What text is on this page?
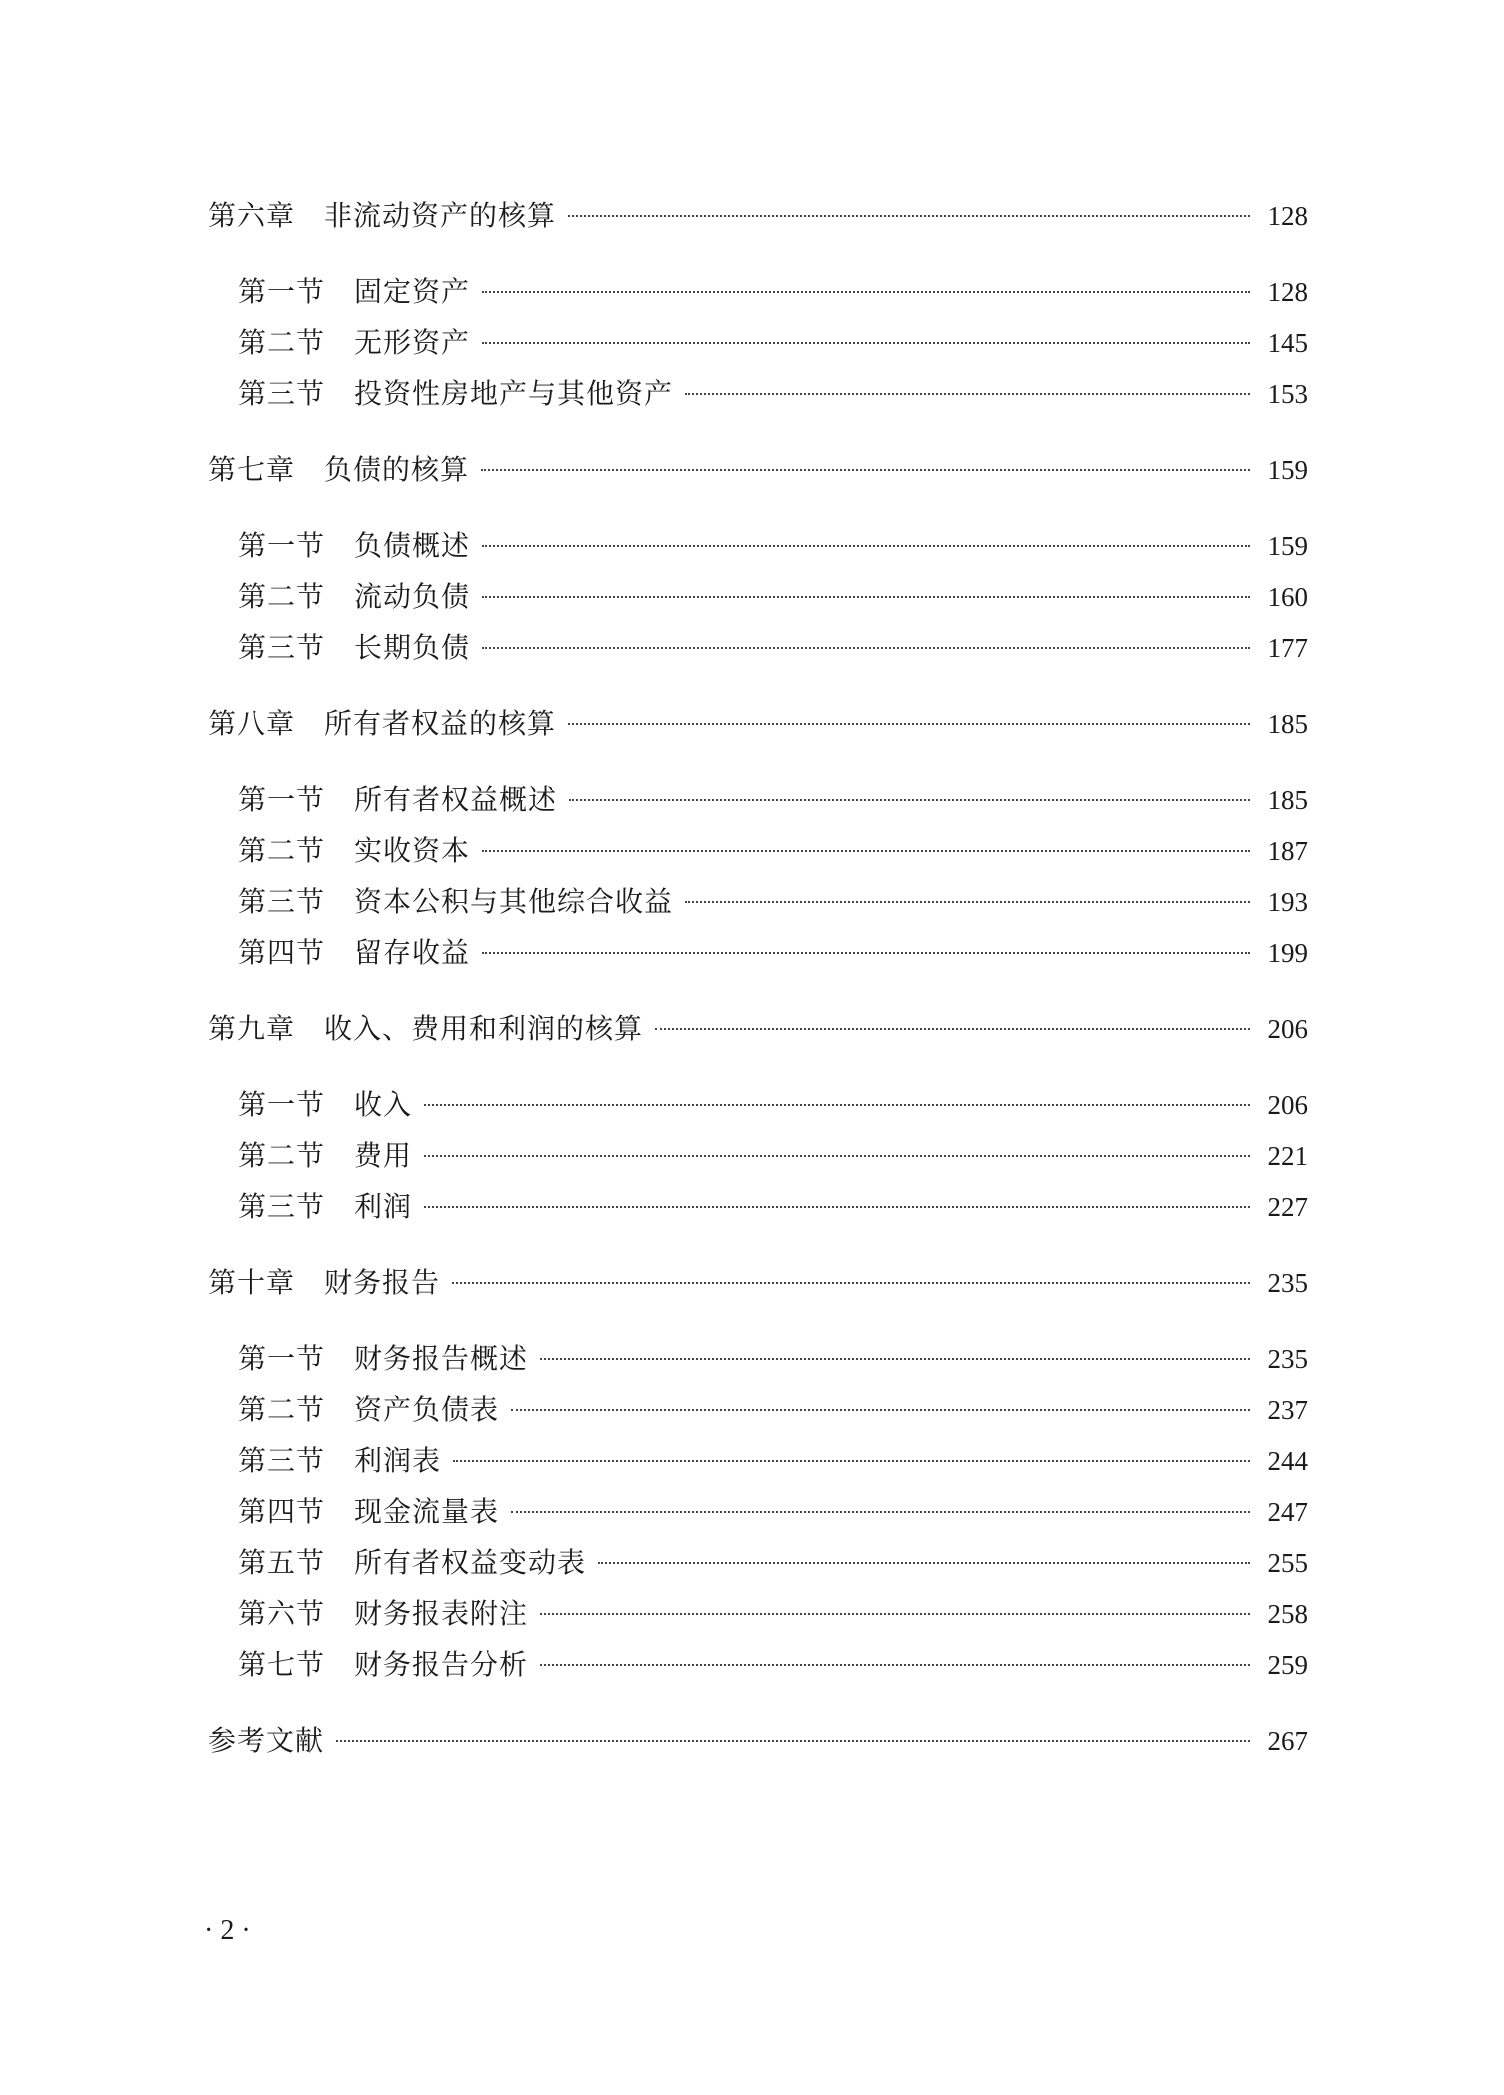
第六章	非流动资产的核算	128
第一节	固定资产	128
第二节	无形资产	145
第三节	投资性房地产与其他资产	153
第七章	负债的核算	159
第一节	负债概述	159
第二节	流动负债	160
第三节	长期负债	177
第八章	所有者权益的核算	185
第一节	所有者权益概述	185
第二节	实收资本	187
第三节	资本公积与其他综合收益	193
第四节	留存收益	199
第九章	收入、费用和利润的核算	206
第一节	收入	206
第二节	费用	221
第三节	利润	227
第十章	财务报告	235
第一节	财务报告概述	235
第二节	资产负债表	237
第三节	利润表	244
第四节	现金流量表	247
第五节	所有者权益变动表	255
第六节	财务报表附注	258
第七节	财务报告分析	259
参考文献	267
· 2 ·
